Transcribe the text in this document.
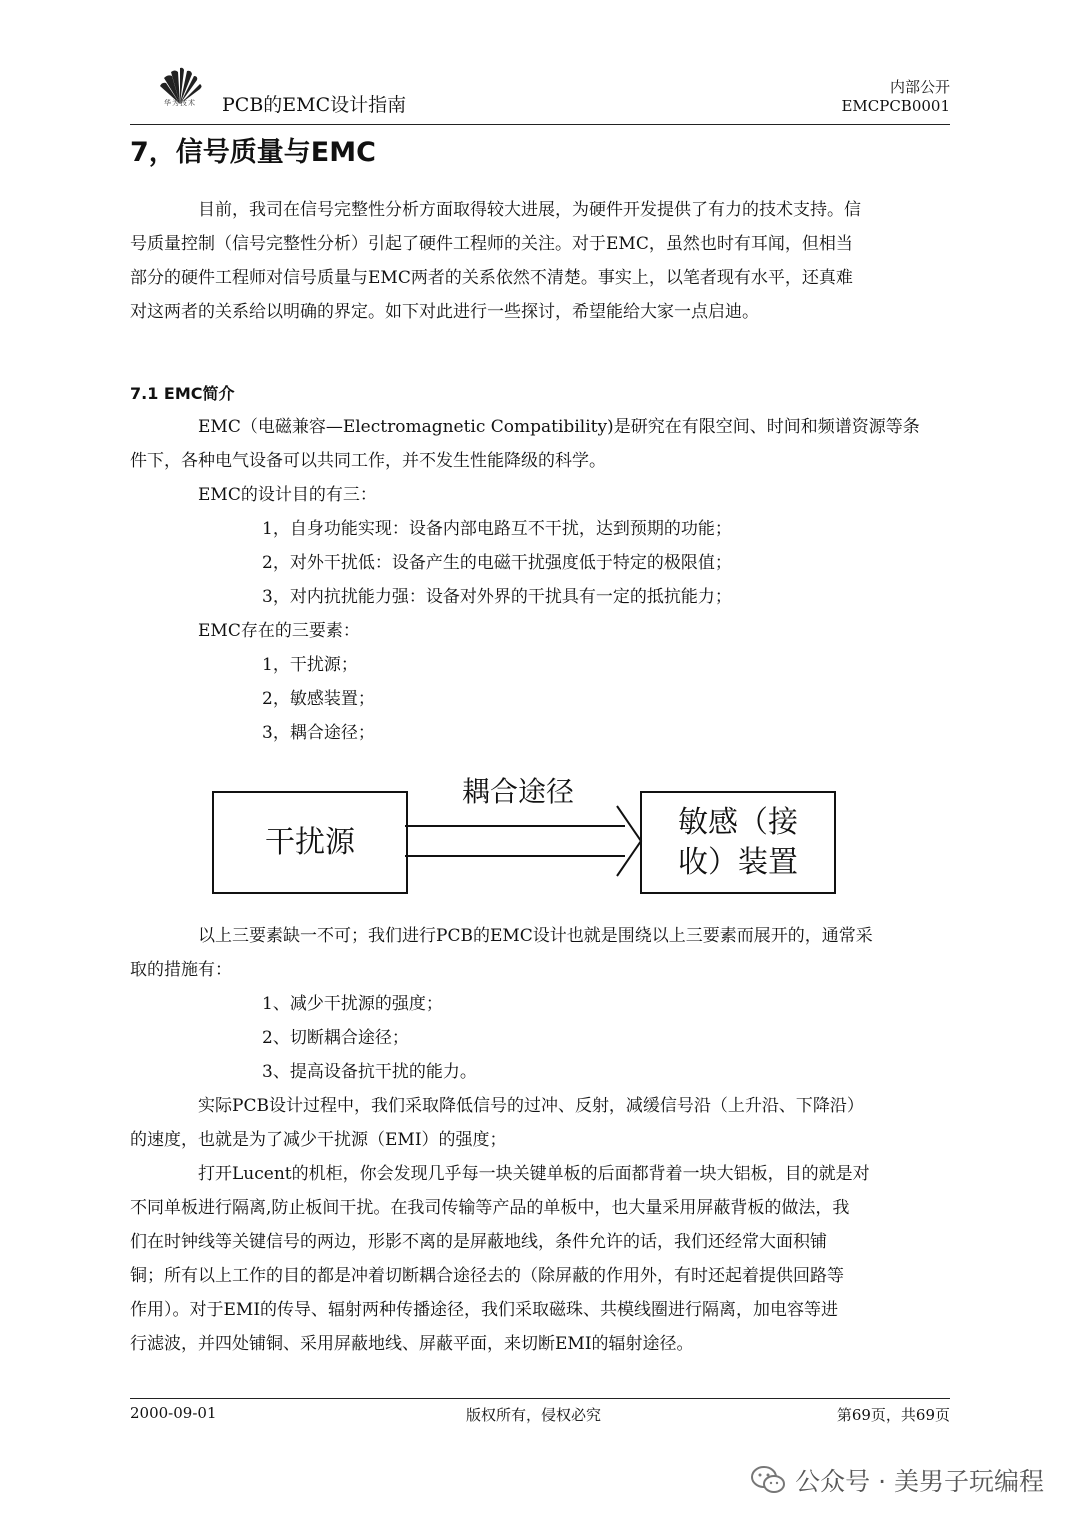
华为技术	PCB的EMC设计指南
内部公开
EMCPCB0001
7，信号质量与EMC
目前，我司在信号完整性分析方面取得较大进展，为硬件开发提供了有力的技术支持。信
号质量控制（信号完整性分析）引起了硬件工程师的关注。对于EMC，虽然也时有耳闻，但相当
部分的硬件工程师对信号质量与EMC两者的关系依然不清楚。事实上，以笔者现有水平，还真难
对这两者的关系给以明确的界定。如下对此进行一些探讨，希望能给大家一点启迪。
7.1 EMC简介
EMC（电磁兼容—Electromagnetic Compatibility)是研究在有限空间、时间和频谱资源等条
件下，各种电气设备可以共同工作，并不发生性能降级的科学。
EMC的设计目的有三：
1，自身功能实现：设备内部电路互不干扰，达到预期的功能；
2，对外干扰低：设备产生的电磁干扰强度低于特定的极限值；
3，对内抗扰能力强：设备对外界的干扰具有一定的抵抗能力；
EMC存在的三要素：
1，干扰源；
2，敏感装置；
3，耦合途径；
干扰源
耦合途径
敏感（接
收）装置
以上三要素缺一不可；我们进行PCB的EMC设计也就是围绕以上三要素而展开的，通常采
取的措施有：
1、减少干扰源的强度；
2、切断耦合途径；
3、提高设备抗干扰的能力。
实际PCB设计过程中，我们采取降低信号的过冲、反射，减缓信号沿（上升沿、下降沿）
的速度，也就是为了减少干扰源（EMI）的强度；
打开Lucent的机柜，你会发现几乎每一块关键单板的后面都背着一块大铝板，目的就是对
不同单板进行隔离,防止板间干扰。在我司传输等产品的单板中，也大量采用屏蔽背板的做法，我
们在时钟线等关键信号的两边，形影不离的是屏蔽地线，条件允许的话，我们还经常大面积铺
铜；所有以上工作的目的都是冲着切断耦合途径去的（除屏蔽的作用外，有时还起着提供回路等
作用）。对于EMI的传导、辐射两种传播途径，我们采取磁珠、共模线圈进行隔离，加电容等进
行滤波，并四处铺铜、采用屏蔽地线、屏蔽平面，来切断EMI的辐射途径。
2000-09-01	版权所有，侵权必究	第69页，共69页
公众号 · 美男子玩编程
